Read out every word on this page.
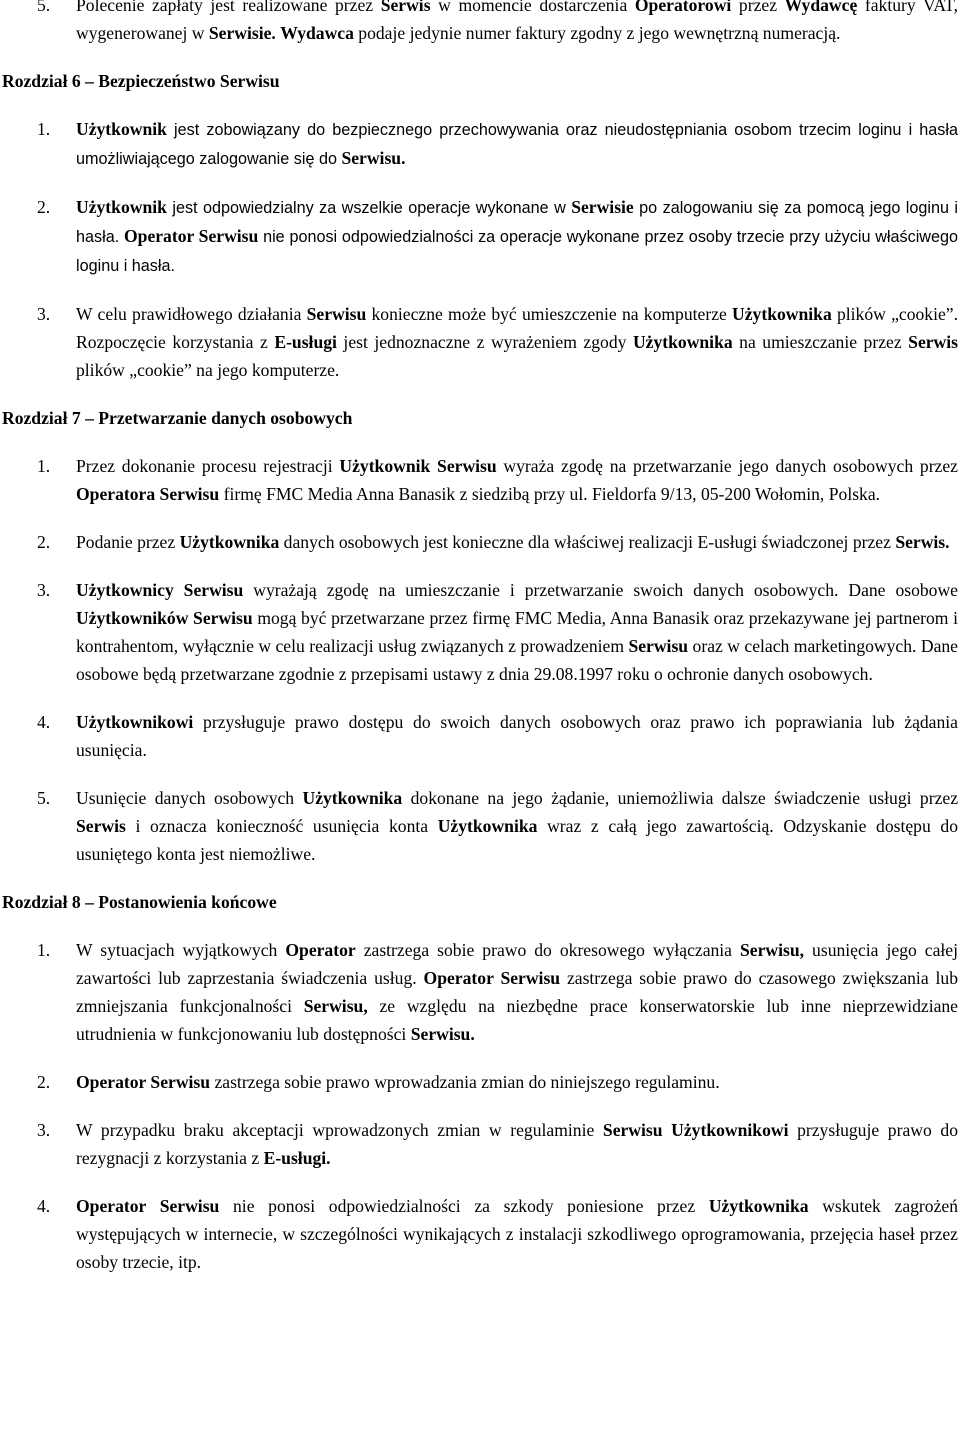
5. Polecenie zapłaty jest realizowane przez Serwis w momencie dostarczenia Operatorowi przez Wydawcę faktury VAT, wygenerowanej w Serwisie. Wydawca podaje jedynie numer faktury zgodny z jego wewnętrzną numeracją.
Rozdział 6 – Bezpieczeństwo Serwisu
1. Użytkownik jest zobowiązany do bezpiecznego przechowywania oraz nieudostępniania osobom trzecim loginu i hasła umożliwiającego zalogowanie się do Serwisu.
2. Użytkownik jest odpowiedzialny za wszelkie operacje wykonane w Serwisie po zalogowaniu się za pomocą jego loginu i hasła. Operator Serwisu nie ponosi odpowiedzialności za operacje wykonane przez osoby trzecie przy użyciu właściwego loginu i hasła.
3. W celu prawidłowego działania Serwisu konieczne może być umieszczenie na komputerze Użytkownika plików „cookie”. Rozpoczęcie korzystania z E-usługi jest jednoznaczne z wyrażeniem zgody Użytkownika na umieszczanie przez Serwis plików „cookie” na jego komputerze.
Rozdział 7 – Przetwarzanie danych osobowych
1. Przez dokonanie procesu rejestracji Użytkownik Serwisu wyraża zgodę na przetwarzanie jego danych osobowych przez Operatora Serwisu firmę FMC Media Anna Banasik z siedzibą przy ul. Fieldorfa 9/13, 05-200 Wołomin, Polska.
2. Podanie przez Użytkownika danych osobowych jest konieczne dla właściwej realizacji E-usługi świadczonej przez Serwis.
3. Użytkownicy Serwisu wyrażają zgodę na umieszczanie i przetwarzanie swoich danych osobowych. Dane osobowe Użytkowników Serwisu mogą być przetwarzane przez firmę FMC Media, Anna Banasik oraz przekazywane jej partnerom i kontrahentom, wyłącznie w celu realizacji usług związanych z prowadzeniem Serwisu oraz w celach marketingowych. Dane osobowe będą przetwarzane zgodnie z przepisami ustawy z dnia 29.08.1997 roku o ochronie danych osobowych.
4. Użytkownikowi przysługuje prawo dostępu do swoich danych osobowych oraz prawo ich poprawiania lub żądania usunięcia.
5. Usunięcie danych osobowych Użytkownika dokonane na jego żądanie, uniemożliwia dalsze świadczenie usługi przez Serwis i oznacza konieczność usunięcia konta Użytkownika wraz z całą jego zawartością. Odzyskanie dostępu do usuniętego konta jest niemożliwe.
Rozdział 8 – Postanowienia końcowe
1. W sytuacjach wyjątkowych Operator zastrzega sobie prawo do okresowego wyłączania Serwisu, usunięcia jego całej zawartości lub zaprzestania świadczenia usług. Operator Serwisu zastrzega sobie prawo do czasowego zwiększania lub zmniejszania funkcjonalności Serwisu, ze względu na niezbędne prace konserwatorskie lub inne nieprzewidziane utrudnienia w funkcjonowaniu lub dostępności Serwisu.
2. Operator Serwisu zastrzega sobie prawo wprowadzania zmian do niniejszego regulaminu.
3. W przypadku braku akceptacji wprowadzonych zmian w regulaminie Serwisu Użytkownikowi przysługuje prawo do rezygnacji z korzystania z E-usługi.
4. Operator Serwisu nie ponosi odpowiedzialności za szkody poniesione przez Użytkownika wskutek zagrożeń występujących w internecie, w szczególności wynikających z instalacji szkodliwego oprogramowania, przejęcia haseł przez osoby trzecie, itp.
